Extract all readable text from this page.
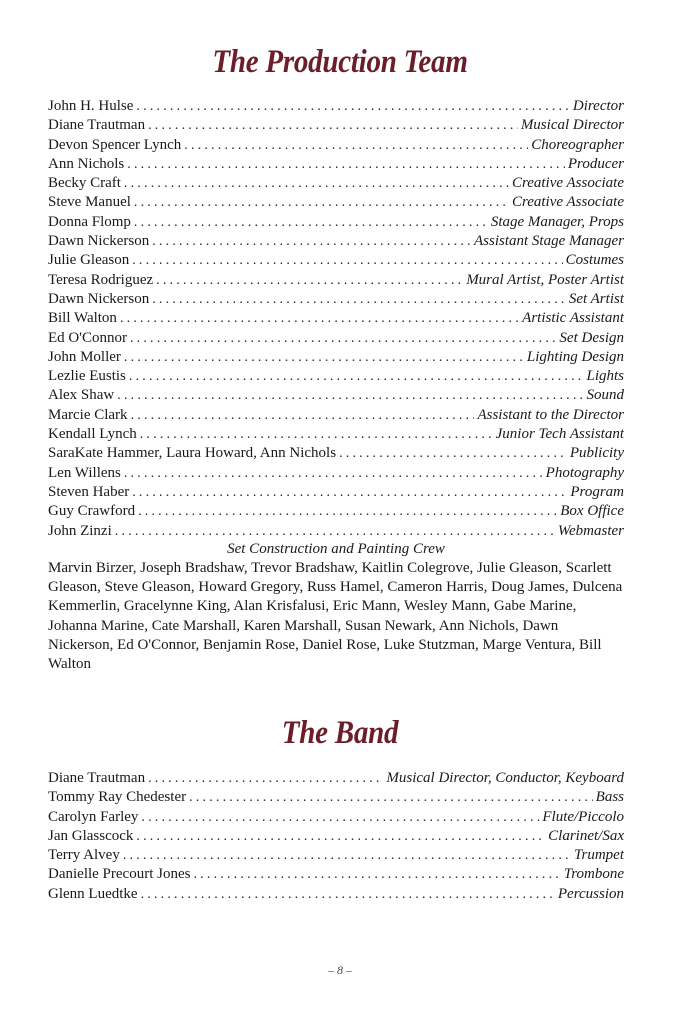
The Production Team
John H. Hulse .....	Director
Diane Trautman .....	Musical Director
Devon Spencer Lynch .....	Choreographer
Ann Nichols .....	Producer
Becky Craft .....	Creative Associate
Steve Manuel .....	Creative Associate
Donna Flomp .....	Stage Manager, Props
Dawn Nickerson .....	Assistant Stage Manager
Julie Gleason .....	Costumes
Teresa Rodriguez .....	Mural Artist, Poster Artist
Dawn Nickerson .....	Set Artist
Bill Walton .....	Artistic Assistant
Ed O'Connor .....	Set Design
John Moller .....	Lighting Design
Lezlie Eustis .....	Lights
Alex Shaw .....	Sound
Marcie Clark .....	Assistant to the Director
Kendall Lynch .....	Junior Tech Assistant
SaraKate Hammer, Laura Howard, Ann Nichols .....	Publicity
Len Willens .....	Photography
Steven Haber .....	Program
Guy Crawford .....	Box Office
John Zinzi .....	Webmaster
Set Construction and Painting Crew

Marvin Birzer, Joseph Bradshaw, Trevor Bradshaw, Kaitlin Colegrove, Julie Gleason, Scarlett Gleason, Steve Gleason, Howard Gregory, Russ Hamel, Cameron Harris, Doug James, Dulcena Kemmerlin, Gracelynne King, Alan Krisfalusi, Eric Mann, Wesley Mann, Gabe Marine, Johanna Marine, Cate Marshall, Karen Marshall, Susan Newark, Ann Nichols, Dawn Nickerson, Ed O'Connor, Benjamin Rose, Daniel Rose, Luke Stutzman, Marge Ventura, Bill Walton

The Band
Diane Trautman .....	Musical Director, Conductor, Keyboard
Tommy Ray Chedester .....	Bass
Carolyn Farley .....	Flute/Piccolo
Jan Glasscock .....	Clarinet/Sax
Terry Alvey .....	Trumpet
Danielle Precourt Jones .....	Trombone
Glenn Luedtke .....	Percussion
– 8 –
